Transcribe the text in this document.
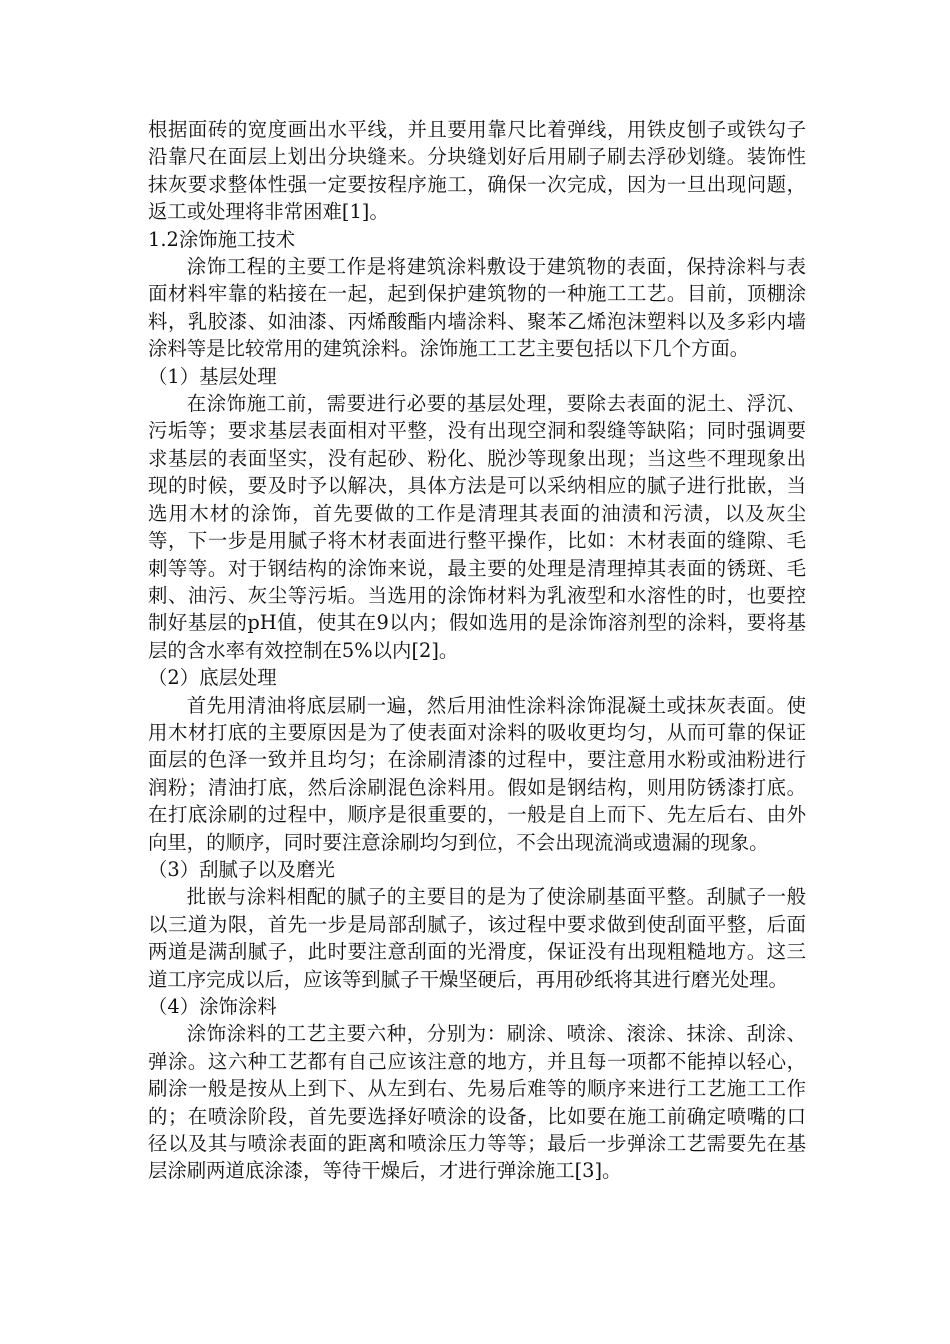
根据面砖的宽度画出水平线，并且要用靠尺比着弹线，用铁皮刨子或铁勾子沿靠尺在面层上划出分块缝来。分块缝划好后用刷子刷去浮砂划缝。装饰性抹灰要求整体性强一定要按程序施工，确保一次完成，因为一旦出现问题，返工或处理将非常困难[1]。

1.2涂饰施工技术

涂饰工程的主要工作是将建筑涂料敷设于建筑物的表面，保持涂料与表面材料牢靠的粘接在一起，起到保护建筑物的一种施工工艺。目前，顶棚涂料，乳胶漆、如油漆、丙烯酸酯内墙涂料、聚苯乙烯泡沫塑料以及多彩内墙涂料等是比较常用的建筑涂料。涂饰施工工艺主要包括以下几个方面。

（1）基层处理

在涂饰施工前，需要进行必要的基层处理，要除去表面的泥土、浮沉、污垢等；要求基层表面相对平整，没有出现空洞和裂缝等缺陷；同时强调要求基层的表面坚实，没有起砂、粉化、脱沙等现象出现；当这些不理现象出现的时候，要及时予以解决，具体方法是可以采纳相应的腻子进行批嵌，当选用木材的涂饰，首先要做的工作是清理其表面的油渍和污渍，以及灰尘等，下一步是用腻子将木材表面进行整平操作，比如：木材表面的缝隙、毛刺等等。对于钢结构的涂饰来说，最主要的处理是清理掉其表面的锈斑、毛刺、油污、灰尘等污垢。当选用的涂饰材料为乳液型和水溶性的时，也要控制好基层的pH值，使其在9以内；假如选用的是涂饰溶剂型的涂料，要将基层的含水率有效控制在5%以内[2]。

（2）底层处理

首先用清油将底层刷一遍，然后用油性涂料涂饰混凝土或抹灰表面。使用木材打底的主要原因是为了使表面对涂料的吸收更均匀，从而可靠的保证面层的色泽一致并且均匀；在涂刷清漆的过程中，要注意用水粉或油粉进行润粉；清油打底，然后涂刷混色涂料用。假如是钢结构，则用防锈漆打底。在打底涂刷的过程中，顺序是很重要的，一般是自上而下、先左后右、由外向里，的顺序，同时要注意涂刷均匀到位，不会出现流淌或遗漏的现象。

（3）刮腻子以及磨光

批嵌与涂料相配的腻子的主要目的是为了使涂刷基面平整。刮腻子一般以三道为限，首先一步是局部刮腻子，该过程中要求做到使刮面平整，后面两道是满刮腻子，此时要注意刮面的光滑度，保证没有出现粗糙地方。这三道工序完成以后，应该等到腻子干燥坚硬后，再用砂纸将其进行磨光处理。

（4）涂饰涂料

涂饰涂料的工艺主要六种，分别为：刷涂、喷涂、滚涂、抹涂、刮涂、弹涂。这六种工艺都有自己应该注意的地方，并且每一项都不能掉以轻心，刷涂一般是按从上到下、从左到右、先易后难等的顺序来进行工艺施工工作的；在喷涂阶段，首先要选择好喷涂的设备，比如要在施工前确定喷嘴的口径以及其与喷涂表面的距离和喷涂压力等等；最后一步弹涂工艺需要先在基层涂刷两道底涂漆，等待干燥后，才进行弹涂施工[3]。
